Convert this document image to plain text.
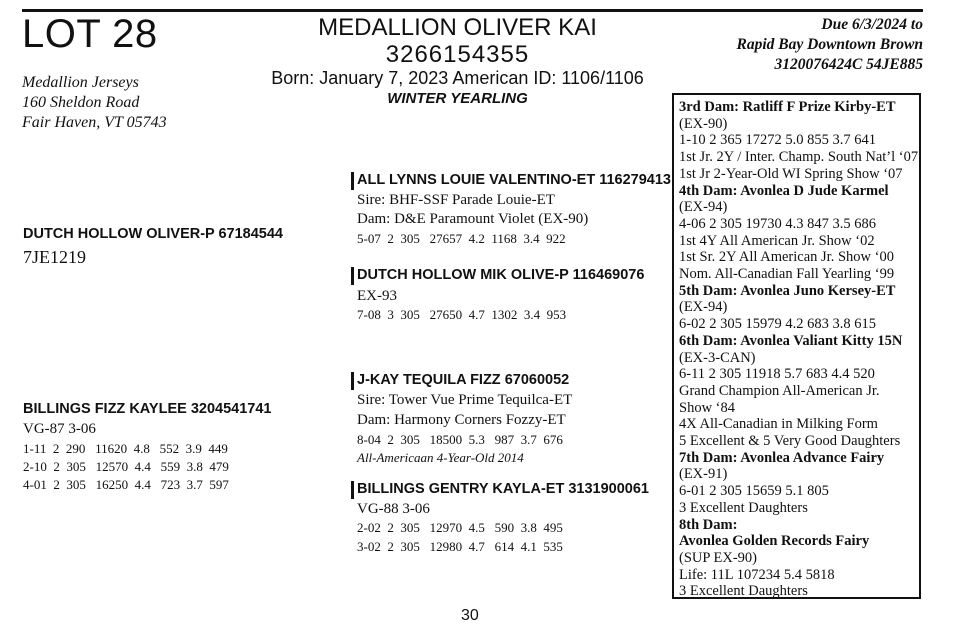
LOT 28
Medallion Jerseys
160 Sheldon Road
Fair Haven, VT 05743
MEDALLION OLIVER KAI
3266154355
Born: January 7, 2023 American ID: 1106/1106
WINTER YEARLING
Due 6/3/2024 to
Rapid Bay Downtown Brown
3120076424C 54JE885
DUTCH HOLLOW OLIVER-P 67184544
7JE1219
BILLINGS FIZZ KAYLEE 3204541741
VG-87 3-06
1-11  2  290   11620  4.8   552  3.9  449
2-10  2  305   12570  4.4   559  3.8  479
4-01  2  305   16250  4.4   723  3.7  597
ALL LYNNS LOUIE VALENTINO-ET 116279413
Sire: BHF-SSF Parade Louie-ET
Dam: D&E Paramount Violet (EX-90)
5-07  2  305   27657  4.2  1168  3.4  922
DUTCH HOLLOW MIK OLIVE-P 116469076
EX-93
7-08  3  305   27650  4.7  1302  3.4  953
J-KAY TEQUILA FIZZ 67060052
Sire: Tower Vue Prime Tequilca-ET
Dam: Harmony Corners Fozzy-ET
8-04  2  305   18500  5.3   987  3.7  676
All-Americaan 4-Year-Old 2014
BILLINGS GENTRY KAYLA-ET 3131900061
VG-88 3-06
2-02  2  305   12970  4.5   590  3.8  495
3-02  2  305   12980  4.7   614  4.1  535
3rd Dam: Ratliff F Prize Kirby-ET
(EX-90)
1-10 2 365 17272 5.0 855 3.7 641
1st Jr. 2Y / Inter. Champ. South Nat’l ‘07
1st Jr 2-Year-Old WI Spring Show ‘07
4th Dam: Avonlea D Jude Karmel
(EX-94)
4-06 2 305 19730 4.3 847 3.5 686
1st 4Y All American Jr. Show ‘02
1st Sr. 2Y All American Jr. Show ‘00
Nom. All-Canadian Fall Yearling ‘99
5th Dam: Avonlea Juno Kersey-ET
(EX-94)
6-02 2 305 15979 4.2 683 3.8 615
6th Dam: Avonlea Valiant Kitty 15N
(EX-3-CAN)
6-11 2 305 11918 5.7 683 4.4 520
Grand Champion All-American Jr.
Show ‘84
4X All-Canadian in Milking Form
5 Excellent & 5 Very Good Daughters
7th Dam: Avonlea Advance Fairy
(EX-91)
6-01 2 305 15659 5.1 805
3 Excellent Daughters
8th Dam:
Avonlea Golden Records Fairy
(SUP EX-90)
Life: 11L 107234 5.4 5818
3 Excellent Daughters
30
